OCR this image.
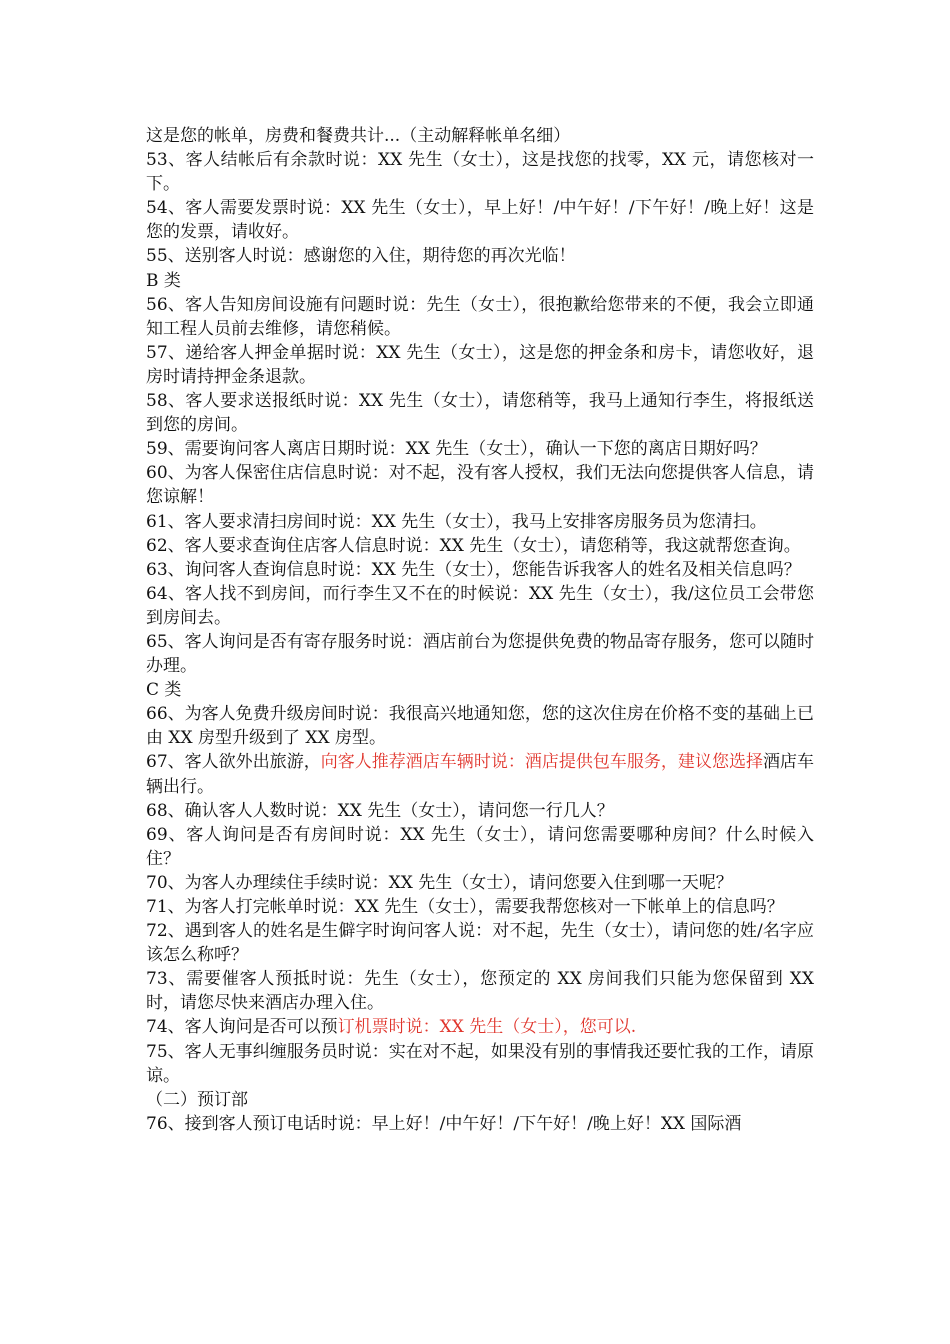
这是您的帐单，房费和餐费共计...（主动解释帐单名细）

53、客人结帐后有余款时说：XX 先生（女士），这是找您的找零，XX 元，请您核对一下。

54、客人需要发票时说：XX 先生（女士），早上好！/中午好！/下午好！/晚上好！这是您的发票，请收好。

55、送别客人时说：感谢您的入住，期待您的再次光临！

B 类

56、客人告知房间设施有问题时说：先生（女士），很抱歉给您带来的不便，我会立即通知工程人员前去维修，请您稍候。

57、递给客人押金单据时说：XX 先生（女士），这是您的押金条和房卡，请您收好，退房时请持押金条退款。

58、客人要求送报纸时说：XX 先生（女士），请您稍等，我马上通知行李生，将报纸送到您的房间。

59、需要询问客人离店日期时说：XX 先生（女士），确认一下您的离店日期好吗？

60、为客人保密住店信息时说：对不起，没有客人授权，我们无法向您提供客人信息，请您谅解！

61、客人要求清扫房间时说：XX 先生（女士），我马上安排客房服务员为您清扫。

62、客人要求查询住店客人信息时说：XX 先生（女士），请您稍等，我这就帮您查询。

63、询问客人查询信息时说：XX 先生（女士），您能告诉我客人的姓名及相关信息吗？

64、客人找不到房间，而行李生又不在的时候说：XX 先生（女士），我/这位员工会带您到房间去。

65、客人询问是否有寄存服务时说：酒店前台为您提供免费的物品寄存服务，您可以随时办理。

C 类

66、为客人免费升级房间时说：我很高兴地通知您，您的这次住房在价格不变的基础上已由 XX 房型升级到了 XX 房型。

67、客人欲外出旅游，向客人推荐酒店车辆时说：酒店提供包车服务，建议您选择酒店车辆出行。

68、确认客人人数时说：XX 先生（女士），请问您一行几人？

69、客人询问是否有房间时说：XX 先生（女士），请问您需要哪种房间？什么时候入住？

70、为客人办理续住手续时说：XX 先生（女士），请问您要入住到哪一天呢？

71、为客人打完帐单时说：XX 先生（女士），需要我帮您核对一下帐单上的信息吗？

72、遇到客人的姓名是生僻字时询问客人说：对不起，先生（女士），请问您的姓/名字应该怎么称呼？

73、需要催客人预抵时说：先生（女士），您预定的 XX 房间我们只能为您保留到 XX 时，请您尽快来酒店办理入住。

74、客人询问是否可以预订机票时说：XX 先生（女士），您可以.

75、客人无事纠缠服务员时说：实在对不起，如果没有别的事情我还要忙我的工作，请原谅。

（二）预订部

76、接到客人预订电话时说：早上好！/中午好！/下午好！/晚上好！XX 国际酒
